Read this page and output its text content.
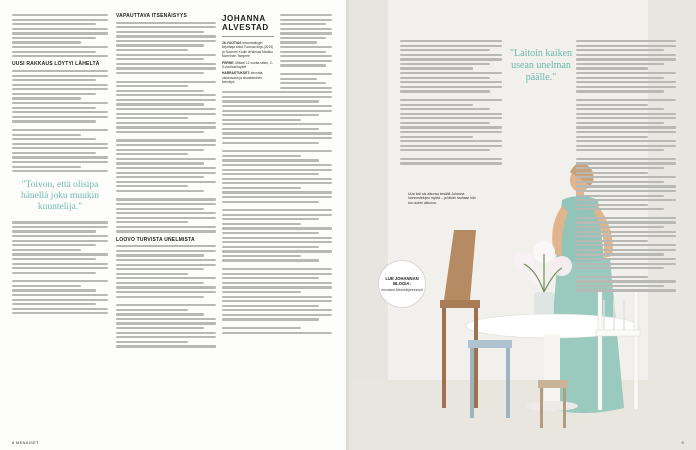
UUSI RAKKAUS LÖYTYI LÄHELTÄ
"Toivon, että olisipa hänellä joku muukin kuuntelija."
VAPAUTTAVA ITSENÄISYYS
LOOVO TURVISTA UNELMISTA
JOHANNA ALVESTAD
26-VUOTIAS leivontablogin kirjoittaja sekä Tuomas-kirja (2019) ja Suomen Kodin lehdessä Markku Nurminen Tampere
PERHE: Mikael 12 vuotta sitten, 2-5-vuotiaat lapset
HARRASTUKSET: leivonta, valokuvaus ja sisustaminen, kierrätys
8 MENAISET
"Laitoin kaiken usean unelman päälle."
Uusi koti sai alkunsa kesällä Johanna luonnostelujen myötä – ja tähän rauhaan hän tuo uuden alkunsa.
LUE JOHANNAN BLOGIA:
menaiset.fi/kokeilijanresepti
9
